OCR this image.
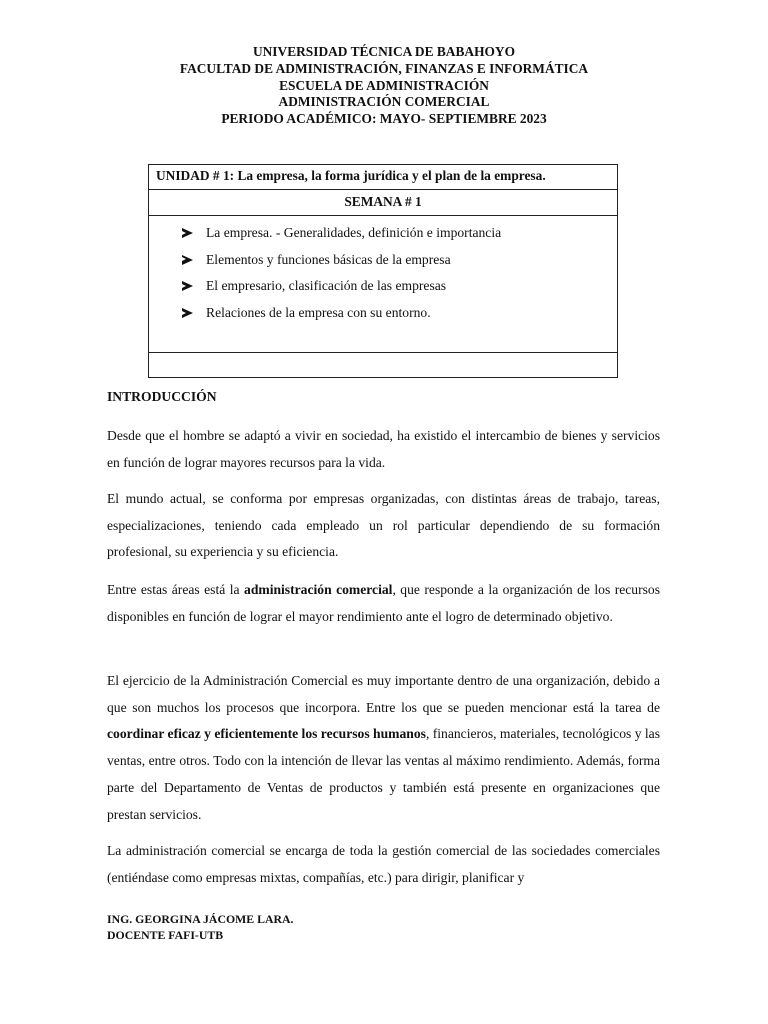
UNIVERSIDAD TÉCNICA DE BABAHOYO
FACULTAD DE ADMINISTRACIÓN, FINANZAS E INFORMÁTICA
ESCUELA DE ADMINISTRACIÓN
ADMINISTRACIÓN COMERCIAL
PERIODO ACADÉMICO: MAYO- SEPTIEMBRE 2023
UNIDAD # 1: La empresa, la forma jurídica y el plan de la empresa.
SEMANA # 1
La empresa. - Generalidades, definición e importancia
Elementos y funciones básicas de la empresa
El empresario, clasificación de las empresas
Relaciones de la empresa con su entorno.
INTRODUCCIÓN
Desde que el hombre se adaptó a vivir en sociedad, ha existido el intercambio de bienes y servicios en función de lograr mayores recursos para la vida.
El mundo actual, se conforma por empresas organizadas, con distintas áreas de trabajo, tareas, especializaciones, teniendo cada empleado un rol particular dependiendo de su formación profesional, su experiencia y su eficiencia.
Entre estas áreas está la administración comercial, que responde a la organización de los recursos disponibles en función de lograr el mayor rendimiento ante el logro de determinado objetivo.
El ejercicio de la Administración Comercial es muy importante dentro de una organización, debido a que son muchos los procesos que incorpora. Entre los que se pueden mencionar está la tarea de coordinar eficaz y eficientemente los recursos humanos, financieros, materiales, tecnológicos y las ventas, entre otros. Todo con la intención de llevar las ventas al máximo rendimiento. Además, forma parte del Departamento de Ventas de productos y también está presente en organizaciones que prestan servicios.
La administración comercial se encarga de toda la gestión comercial de las sociedades comerciales (entiéndase como empresas mixtas, compañías, etc.) para dirigir, planificar y
ING. GEORGINA JÁCOME LARA.
DOCENTE FAFI-UTB
